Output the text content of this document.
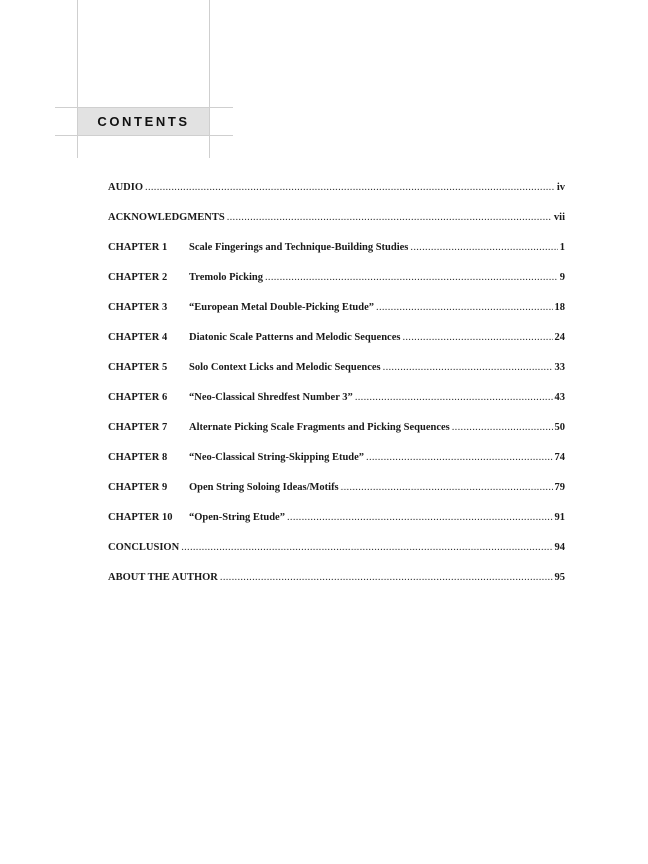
CONTENTS
AUDIO .....	iv
ACKNOWLEDGMENTS .....	vii
CHAPTER 1	Scale Fingerings and Technique-Building Studies .....	1
CHAPTER 2	Tremolo Picking .....	9
CHAPTER 3	“European Metal Double-Picking Etude” .....	18
CHAPTER 4	Diatonic Scale Patterns and Melodic Sequences .....	24
CHAPTER 5	Solo Context Licks and Melodic Sequences .....	33
CHAPTER 6	“Neo-Classical Shredfest Number 3” .....	43
CHAPTER 7	Alternate Picking Scale Fragments and Picking Sequences .....	50
CHAPTER 8	“Neo-Classical String-Skipping Etude” .....	74
CHAPTER 9	Open String Soloing Ideas/Motifs .....	79
CHAPTER 10	“Open-String Etude” .....	91
CONCLUSION .....	94
ABOUT THE AUTHOR .....	95
